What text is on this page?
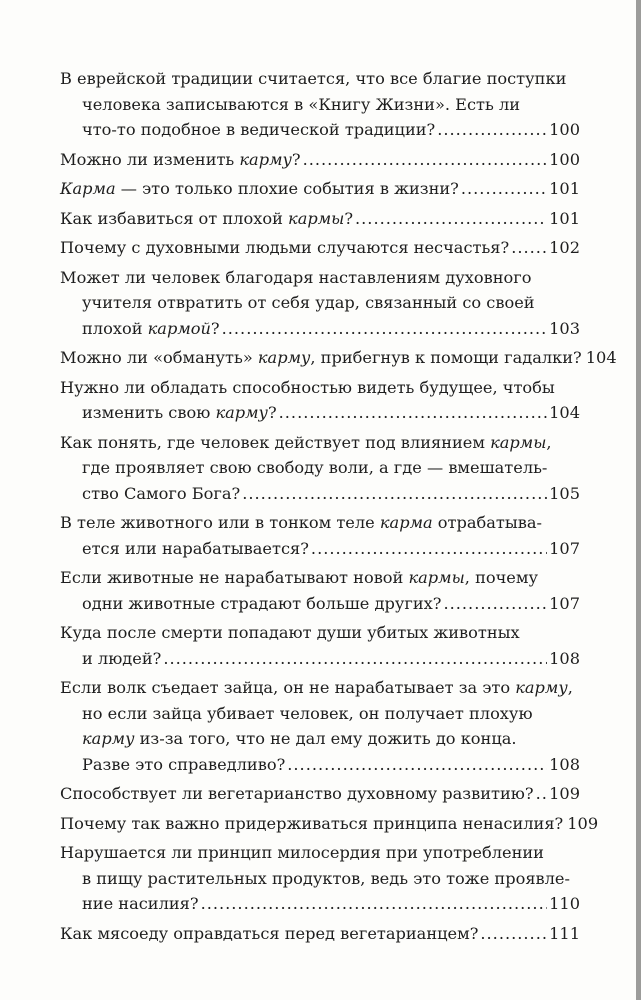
В еврейской традиции считается, что все благие поступки
человека записываются в «Книгу Жизни». Есть ли
что-то подобное в ведической традиции? .....	100
Можно ли изменить карму? .....	100
Карма — это только плохие события в жизни? .....	101
Как избавиться от плохой кармы? .....	101
Почему с духовными людьми случаются несчастья? ..... 102
Может ли человек благодаря наставлениям духовного
учителя отвратить от себя удар, связанный со своей
плохой кармой? .....	103
Можно ли «обмануть» карму, прибегнув к помощи гадалки? 104
Нужно ли обладать способностью видеть будущее, чтобы
изменить свою карму? .....	104
Как понять, где человек действует под влиянием кармы,
где проявляет свою свободу воли, а где — вмешатель-
ство Самого Бога? .....	105
В теле животного или в тонком теле карма отрабатыва-
ется или нарабатывается? .....	107
Если животные не нарабатывают новой кармы, почему
одни животные страдают больше других? .....	107
Куда после смерти попадают души убитых животных
и людей? .....	108
Если волк съедает зайца, он не нарабатывает за это карму,
но если зайца убивает человек, он получает плохую
карму из-за того, что не дал ему дожить до конца.
Разве это справедливо? .....	108
Способствует ли вегетарианство духовному развитию? ..... 109
Почему так важно придерживаться принципа ненасилия? 109
Нарушается ли принцип милосердия при употреблении
в пищу растительных продуктов, ведь это тоже проявле-
ние насилия? .....	110
Как мясоеду оправдаться перед вегетарианцем? .....	111
